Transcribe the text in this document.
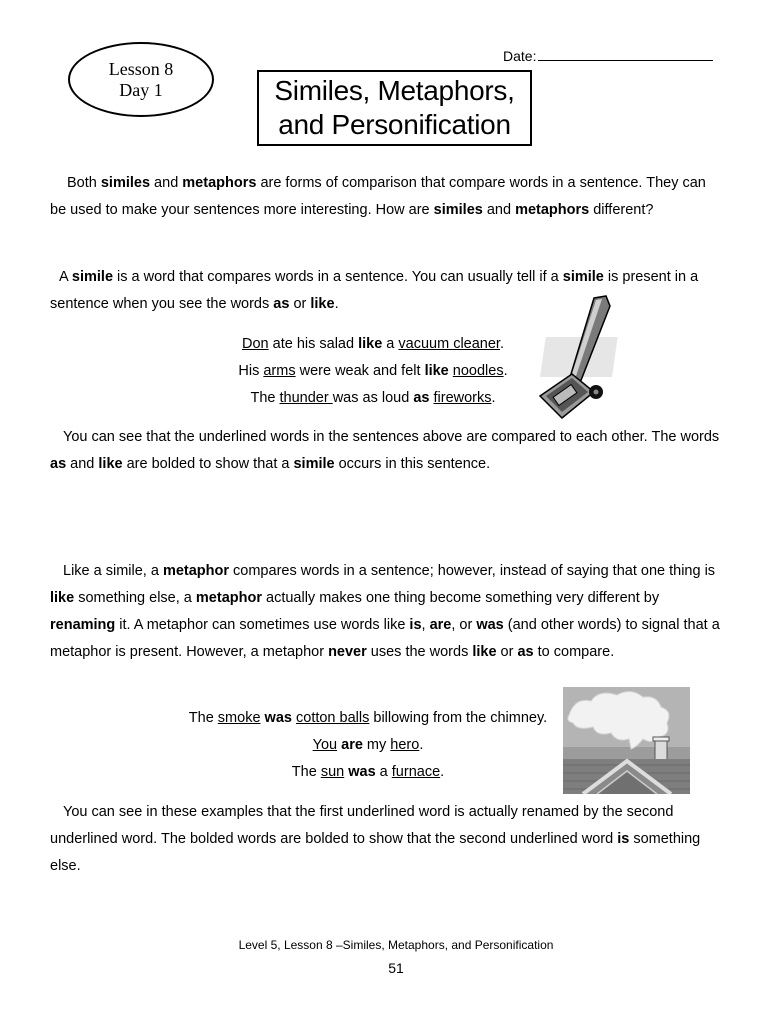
Lesson 8
Day 1
Date:
Similes, Metaphors,
and Personification

Both similes and metaphors are forms of comparison that compare words in a sentence. They can be used to make your sentences more interesting. How are similes and metaphors different?

A simile is a word that compares words in a sentence. You can usually tell if a simile is present in a sentence when you see the words as or like.

Don ate his salad like a vacuum cleaner.
His arms were weak and felt like noodles.
The thunder was as loud as fireworks.

You can see that the underlined words in the sentences above are compared to each other. The words as and like are bolded to show that a simile occurs in this sentence.

Like a simile, a metaphor compares words in a sentence; however, instead of saying that one thing is like something else, a metaphor actually makes one thing become something very different by renaming it. A metaphor can sometimes use words like is, are, or was (and other words) to signal that a metaphor is present. However, a metaphor never uses the words like or as to compare.

The smoke was cotton balls billowing from the chimney.
You are my hero.
The sun was a furnace.

You can see in these examples that the first underlined word is actually renamed by the second underlined word. The bolded words are bolded to show that the second underlined word is something else.

Level 5, Lesson 8 –Similes, Metaphors, and Personification
51
